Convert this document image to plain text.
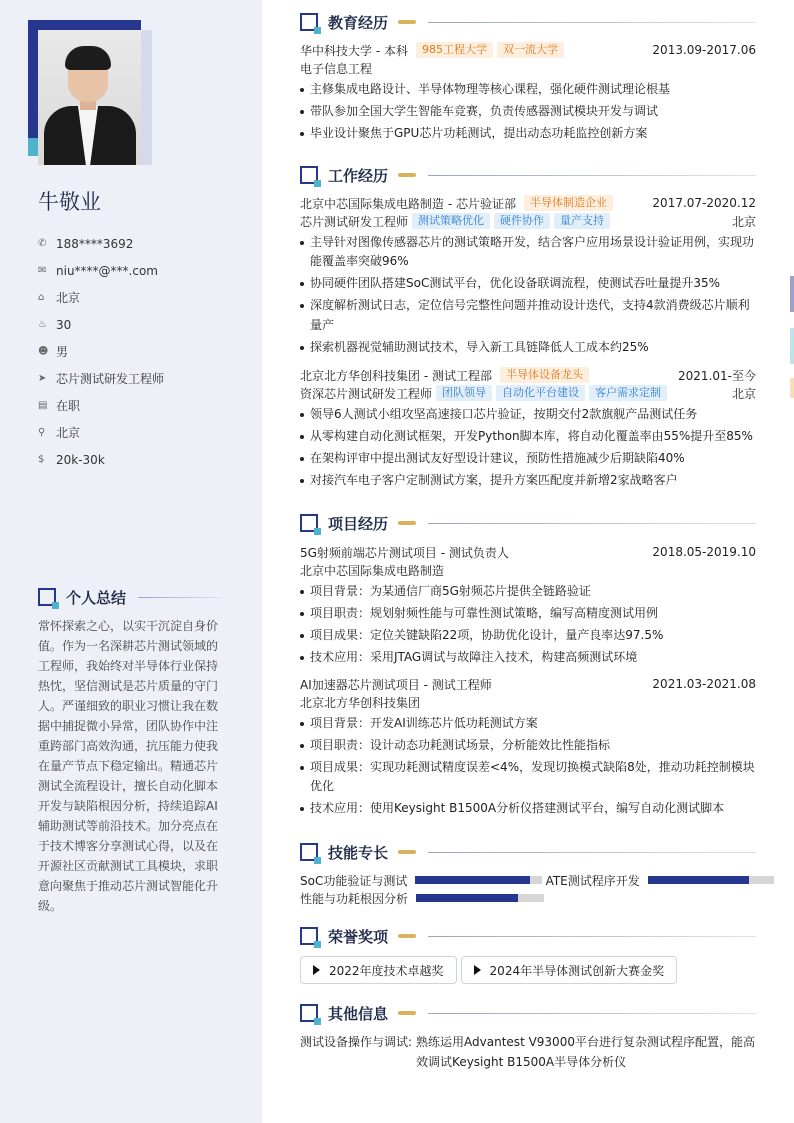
牛敬业
✆ 188****3692
✉ niu****@***.com
⌂ 北京
♨ 30
☻ 男
➤ 芯片测试研发工程师
▤ 在职
⚲ 北京
$ 20k-30k
个人总结
常怀探索之心，以实干沉淀自身价值。作为一名深耕芯片测试领域的工程师，我始终对半导体行业保持热忱，坚信测试是芯片质量的守门人。严谨细致的职业习惯让我在数据中捕捉微小异常，团队协作中注重跨部门高效沟通，抗压能力使我在量产节点下稳定输出。精通芯片测试全流程设计，擅长自动化脚本开发与缺陷根因分析，持续追踪AI辅助测试等前沿技术。加分亮点在于技术博客分享测试心得，以及在开源社区贡献测试工具模块，求职意向聚焦于推动芯片测试智能化升级。
教育经历
华中科技大学 - 本科	985工程大学	双一流大学	2013.09-2017.06
电子信息工程
主修集成电路设计、半导体物理等核心课程，强化硬件测试理论根基
带队参加全国大学生智能车竞赛，负责传感器测试模块开发与调试
毕业设计聚焦于GPU芯片功耗测试，提出动态功耗监控创新方案
工作经历
北京中芯国际集成电路制造 - 芯片验证部	半导体制造企业	2017.07-2020.12
芯片测试研发工程师 测试策略优化	硬件协作	量产支持	北京
主导针对图像传感器芯片的测试策略开发，结合客户应用场景设计验证用例，实现功能覆盖率突破96%
协同硬件团队搭建SoC测试平台，优化设备联调流程，使测试吞吐量提升35%
深度解析测试日志，定位信号完整性问题并推动设计迭代，支持4款消费级芯片顺利量产
探索机器视觉辅助测试技术，导入新工具链降低人工成本约25%
北京北方华创科技集团 - 测试工程部	半导体设备龙头	2021.01-至今
资深芯片测试研发工程师 团队领导	自动化平台建设	客户需求定制	北京
领导6人测试小组攻坚高速接口芯片验证，按期交付2款旗舰产品测试任务
从零构建自动化测试框架，开发Python脚本库，将自动化覆盖率由55%提升至85%
在架构评审中提出测试友好型设计建议，预防性措施减少后期缺陷40%
对接汽车电子客户定制测试方案，提升方案匹配度并新增2家战略客户
项目经历
5G射频前端芯片测试项目 - 测试负责人	2018.05-2019.10
北京中芯国际集成电路制造
项目背景：为某通信厂商5G射频芯片提供全链路验证
项目职责：规划射频性能与可靠性测试策略，编写高精度测试用例
项目成果：定位关键缺陷22项，协助优化设计，量产良率达97.5%
技术应用：采用JTAG调试与故障注入技术，构建高频测试环境
AI加速器芯片测试项目 - 测试工程师	2021.03-2021.08
北京北方华创科技集团
项目背景：开发AI训练芯片低功耗测试方案
项目职责：设计动态功耗测试场景，分析能效比性能指标
项目成果：实现功耗测试精度误差<4%，发现切换模式缺陷8处，推动功耗控制模块优化
技术应用：使用Keysight B1500A分析仪搭建测试平台，编写自动化测试脚本
技能专长
SoC功能验证与测试	ATE测试程序开发
性能与功耗根因分析
荣誉奖项
2022年度技术卓越奖	2024年半导体测试创新大赛金奖
其他信息
测试设备操作与调试: 熟练运用Advantest V93000平台进行复杂测试程序配置，能高效调试Keysight B1500A半导体分析仪
